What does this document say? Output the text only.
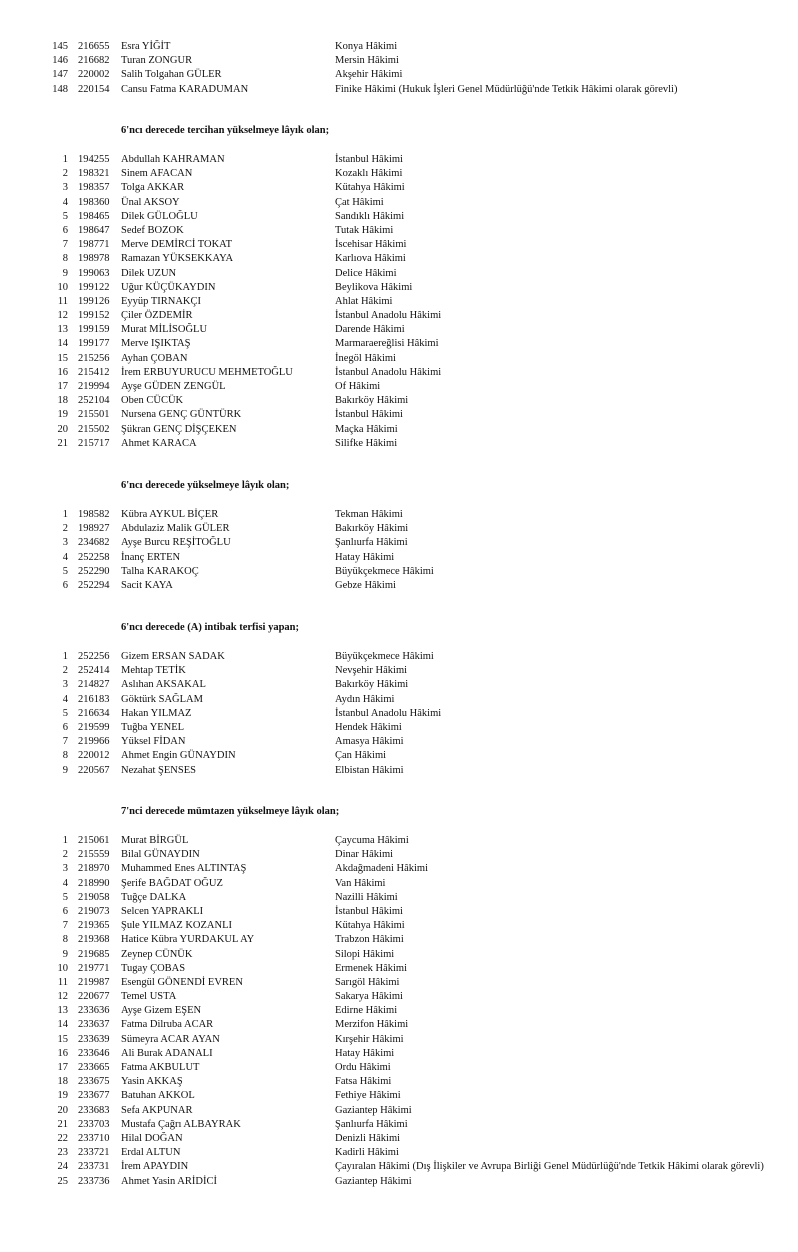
145 216655 Esra YİĞİT	Konya Hâkimi
146 216682 Turan ZONGUR	Mersin Hâkimi
147 220002 Salih Tolgahan GÜLER	Akşehir Hâkimi
148 220154 Cansu Fatma KARADUMAN	Finike Hâkimi (Hukuk İşleri Genel Müdürlüğü'nde Tetkik Hâkimi olarak görevli)
6'ncı derecede tercihan yükselmeye lâyık olan;
1 194255 Abdullah KAHRAMAN	İstanbul Hâkimi
2 198321 Sinem AFACAN	Kozaklı Hâkimi
3 198357 Tolga AKKAR	Kütahya Hâkimi
4 198360 Ünal AKSOY	Çat Hâkimi
5 198465 Dilek GÜLOĞLU	Sandıklı Hâkimi
6 198647 Sedef BOZOK	Tutak Hâkimi
7 198771 Merve DEMİRCİ TOKAT	İscehisar Hâkimi
8 198978 Ramazan YÜKSEKKAYA	Karlıova Hâkimi
9 199063 Dilek UZUN	Delice Hâkimi
10 199122 Uğur KÜÇÜKAYDIN	Beylikova Hâkimi
11 199126 Eyyüp TIRNAKÇI	Ahlat Hâkimi
12 199152 Çiler ÖZDEMİR	İstanbul Anadolu Hâkimi
13 199159 Murat MİLİSOĞLU	Darende Hâkimi
14 199177 Merve IŞIKTAŞ	Marmaraereğlisi Hâkimi
15 215256 Ayhan ÇOBAN	İnegöl Hâkimi
16 215412 İrem ERBUYURUCU MEHMETOĞLU	İstanbul Anadolu Hâkimi
17 219994 Ayşe GÜDEN ZENGÜL	Of Hâkimi
18 252104 Oben CÜCÜK	Bakırköy Hâkimi
19 215501 Nursena GENÇ GÜNTÜRK	İstanbul Hâkimi
20 215502 Şükran GENÇ DİŞÇEKEN	Maçka Hâkimi
21 215717 Ahmet KARACA	Silifke Hâkimi
6'ncı derecede yükselmeye lâyık olan;
1 198582 Kübra AYKUL BİÇER	Tekman Hâkimi
2 198927 Abdulaziz Malik GÜLER	Bakırköy Hâkimi
3 234682 Ayşe Burcu REŞİTOĞLU	Şanlıurfa Hâkimi
4 252258 İnanç ERTEN	Hatay Hâkimi
5 252290 Talha KARAKOÇ	Büyükçekmece Hâkimi
6 252294 Sacit KAYA	Gebze Hâkimi
6'ncı derecede (A) intibak terfisi yapan;
1 252256 Gizem ERSAN SADAK	Büyükçekmece Hâkimi
2 252414 Mehtap TETİK	Nevşehir Hâkimi
3 214827 Aslıhan AKSAKAL	Bakırköy Hâkimi
4 216183 Göktürk SAĞLAM	Aydın Hâkimi
5 216634 Hakan YILMAZ	İstanbul Anadolu Hâkimi
6 219599 Tuğba YENEL	Hendek Hâkimi
7 219966 Yüksel FİDAN	Amasya Hâkimi
8 220012 Ahmet Engin GÜNAYDIN	Çan Hâkimi
9 220567 Nezahat ŞENSES	Elbistan Hâkimi
7'nci derecede mümtazen yükselmeye lâyık olan;
1 215061 Murat BİRGÜL	Çaycuma Hâkimi
2 215559 Bilal GÜNAYDIN	Dinar Hâkimi
3 218970 Muhammed Enes ALTINTAŞ	Akdağmadeni Hâkimi
4 218990 Şerife BAĞDAT OĞUZ	Van Hâkimi
5 219058 Tuğçe DALKA	Nazilli Hâkimi
6 219073 Selcen YAPRAKLI	İstanbul Hâkimi
7 219365 Şule YILMAZ KOZANLI	Kütahya Hâkimi
8 219368 Hatice Kübra YURDAKUL AY	Trabzon Hâkimi
9 219685 Zeynep CÜNÜK	Silopi Hâkimi
10 219771 Tugay ÇOBAS	Ermenek Hâkimi
11 219987 Esengül GÖNENDİ EVREN	Sarıgöl Hâkimi
12 220677 Temel USTA	Sakarya Hâkimi
13 233636 Ayşe Gizem EŞEN	Edirne Hâkimi
14 233637 Fatma Dilruba ACAR	Merzifon Hâkimi
15 233639 Sümeyra ACAR AYAN	Kırşehir Hâkimi
16 233646 Ali Burak ADANALI	Hatay Hâkimi
17 233665 Fatma AKBULUT	Ordu Hâkimi
18 233675 Yasin AKKAŞ	Fatsa Hâkimi
19 233677 Batuhan AKKOL	Fethiye Hâkimi
20 233683 Sefa AKPUNAR	Gaziantep Hâkimi
21 233703 Mustafa Çağrı ALBAYRAK	Şanlıurfa Hâkimi
22 233710 Hilal DOĞAN	Denizli Hâkimi
23 233721 Erdal ALTUN	Kadirli Hâkimi
24 233731 İrem APAYDIN	Çayıralan Hâkimi (Dış İlişkiler ve Avrupa Birliği Genel Müdürlüğü'nde Tetkik Hâkimi olarak görevli)
25 233736 Ahmet Yasin ARİDİCİ	Gaziantep Hâkimi
